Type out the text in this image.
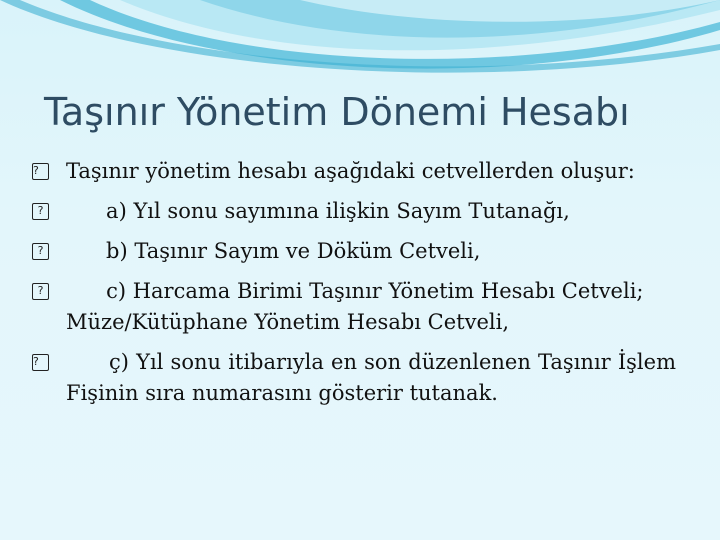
Taşınır Yönetim Dönemi Hesabı
?	Taşınır yönetim hesabı aşağıdaki cetvellerden oluşur:
? a) Yıl sonu sayımına ilişkin Sayım Tutanağı,
? b) Taşınır Sayım ve Döküm Cetveli,
? c) Harcama Birimi Taşınır Yönetim Hesabı Cetveli; Müze/Kütüphane Yönetim Hesabı Cetveli,
?	ç) Yıl sonu itibarıyla en son düzenlenen Taşınır İşlem Fişinin sıra numarasını gösterir tutanak.
